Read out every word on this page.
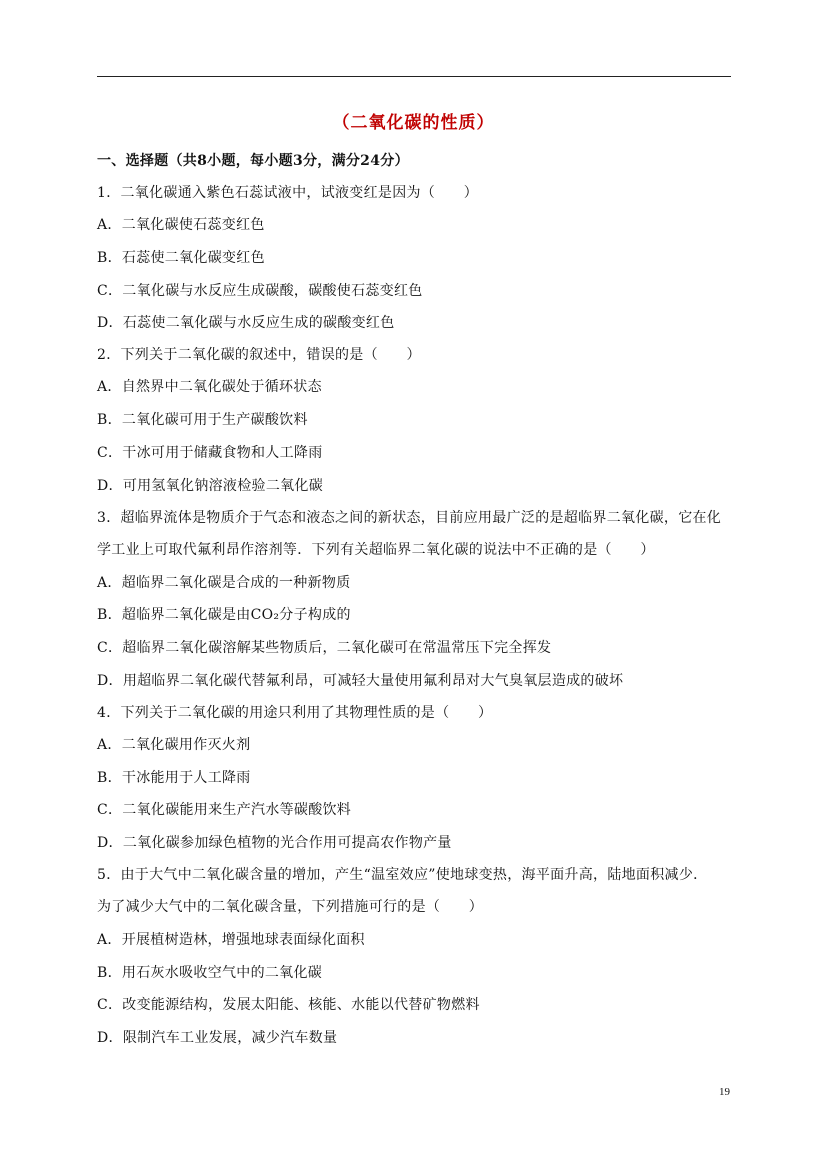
（二氧化碳的性质）
一、选择题（共8小题，每小题3分，满分24分）
1．二氧化碳通入紫色石蕊试液中，试液变红是因为（　　）
A．二氧化碳使石蕊变红色
B．石蕊使二氧化碳变红色
C．二氧化碳与水反应生成碳酸，碳酸使石蕊变红色
D．石蕊使二氧化碳与水反应生成的碳酸变红色
2．下列关于二氧化碳的叙述中，错误的是（　　）
A．自然界中二氧化碳处于循环状态
B．二氧化碳可用于生产碳酸饮料
C．干冰可用于储藏食物和人工降雨
D．可用氢氧化钠溶液检验二氧化碳
3．超临界流体是物质介于气态和液态之间的新状态，目前应用最广泛的是超临界二氧化碳，它在化
学工业上可取代氟利昂作溶剂等．下列有关超临界二氧化碳的说法中不正确的是（　　）
A．超临界二氧化碳是合成的一种新物质
B．超临界二氧化碳是由CO₂分子构成的
C．超临界二氧化碳溶解某些物质后，二氧化碳可在常温常压下完全挥发
D．用超临界二氧化碳代替氟利昂，可减轻大量使用氟利昂对大气臭氧层造成的破坏
4．下列关于二氧化碳的用途只利用了其物理性质的是（　　）
A．二氧化碳用作灭火剂
B．干冰能用于人工降雨
C．二氧化碳能用来生产汽水等碳酸饮料
D．二氧化碳参加绿色植物的光合作用可提高农作物产量
5．由于大气中二氧化碳含量的增加，产生“温室效应”使地球变热，海平面升高，陆地面积减少．
为了减少大气中的二氧化碳含量，下列措施可行的是（　　）
A．开展植树造林，增强地球表面绿化面积
B．用石灰水吸收空气中的二氧化碳
C．改变能源结构，发展太阳能、核能、水能以代替矿物燃料
D．限制汽车工业发展，减少汽车数量
19
